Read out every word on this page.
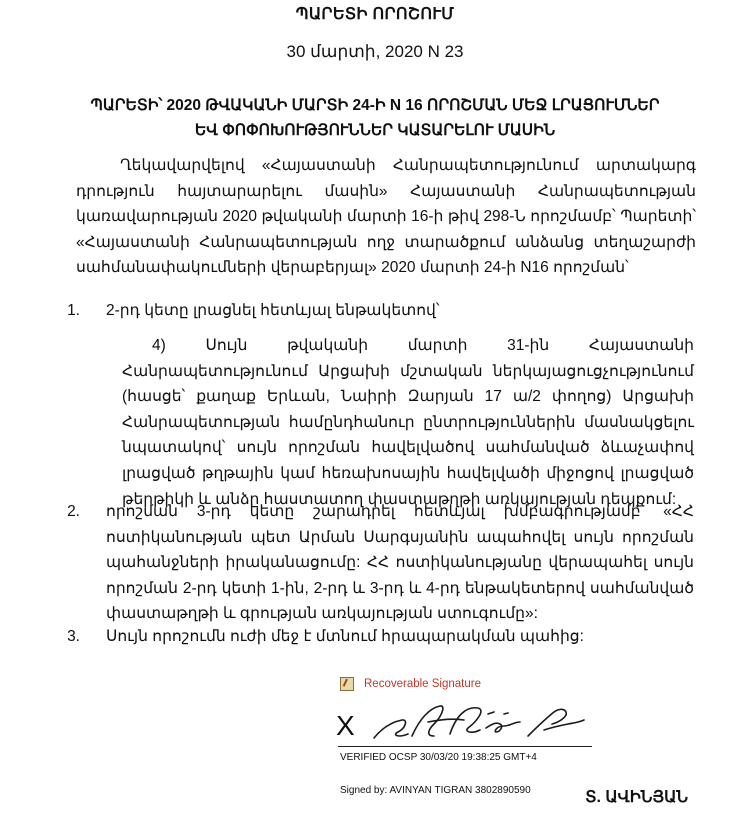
ՊԱՐԵՏԻ ՈՐՈՇՈՒՄ
30 մարտի, 2020 N 23
ՊԱՐԵՏԻ՝ 2020 ԹՎԱԿԱՆԻ ՄԱՐՏԻ 24-Ի N 16 ՈՐՈՇՄԱՆ ՄԵՋ ԼՐԱՑՈՒՄՆԵՐ
ԵՎ ՓՈՓՈԽՈՒԹՅՈՒՆՆԵՐ ԿԱՏԱՐԵԼՈՒ ՄԱՍԻՆ
Ղեկավարվելով «Հայաստանի Հանրապետությունում արտակարգ դրություն հայտարարելու մասին» Հայաստանի Հանրապետության կառավարության 2020 թվականի մարտի 16-ի թիվ 298-Ն որոշմամբ՝ Պարետի՝ «Հայաստանի Հանրապետության ողջ տարածքում անձանց տեղաշարժի սահմանափակումների վերաբերյալ» 2020 մարտի 24-ի N16 որոշման՝
1. 2-րդ կետը լրացնել հետևյալ ենթակետով՝
4) Սույն թվականի մարտի 31-ին Հայաստանի Հանրապետությունում Արցախի մշտական ներկայացուցչությունում (հասցե՝ քաղաք Երևան, Նաիրի Զարյան 17 ա/2 փողոց) Արցախի Հանրապետության համընդհանուր ընտրություններին մասնակցելու նպատակով՝ սույն որոշման հավելվածով սահմանված ձևաչափով լրացված թղթային կամ հեռախոսային հավելվածի միջոցով լրացված թերթիկի և անձը հաստատող փաստաթղթի առկայության դեպքում:
2. որոշման 3-րդ կետը շարադրել հետևյալ խմբագրությամբ՝ «ՀՀ ոստիկանության պետ Արման Սարգսյանին ապահովել սույն որոշման պահանջների իրականացումը: ՀՀ ոստիկանությանը վերապահել սույն որոշման 2-րդ կետի 1-ին, 2-րդ և 3-րդ և 4-րդ ենթակետերով սահմանված փաստաթղթի և գրության առկայության ստուգումը»:
3. Սույն որոշումն ուժի մեջ է մտնում հրապարակման պահից:
Recoverable Signature
X
VERIFIED OCSP 30/03/20 19:38:25 GMT+4
Signed by: AVINYAN TIGRAN 3802890590	Տ. ԱՎԻՆՅԱՆ
